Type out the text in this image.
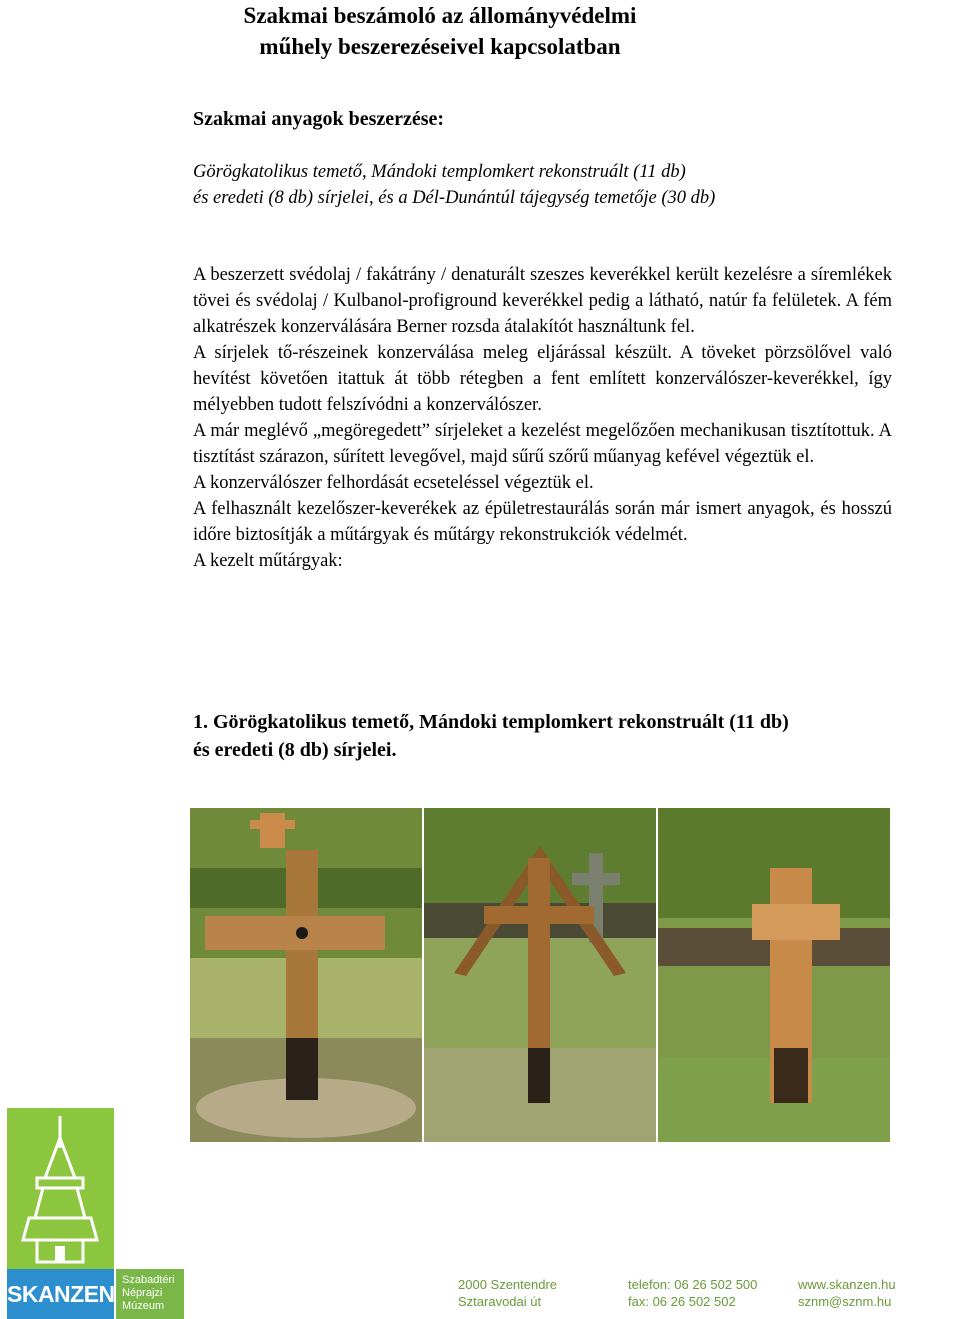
Szakmai beszámoló az állományvédelmi
műhely beszerezéseivel kapcsolatban
Szakmai anyagok beszerzése:
Görögkatolikus temető, Mándoki templomkert rekonstruált (11 db)
és eredeti (8 db) sírjelei, és a Dél-Dunántúl tájegység temetője (30 db)

A beszerzett svédolaj / fakátrány / denaturált szeszes keverékkel került kezelésre a síremlékek tövei és svédolaj / Kulbanol-profiground keverékkel pedig a látható, natúr fa felületek. A fém alkatrészek konzerválására Berner rozsda átalakítót használtunk fel.

A sírjelek tő-részeinek konzerválása meleg eljárással készült. A töveket pörzsölővel való hevítést követően itattuk át több rétegben a fent említett konzerválószer-keverékkel, így mélyebben tudott felszívódni a konzerválószer.

A már meglévő „megöregedett” sírjeleket a kezelést megelőzően mechanikusan tisztítottuk. A tisztítást szárazon, sűrített levegővel, majd sűrű szőrű műanyag kefével végeztük el.

A konzerválószer felhordását ecseteléssel végeztük el.

A felhasznált kezelőszer-keverékek az épületrestaurálás során már ismert anyagok, és hosszú időre biztosítják a műtárgyak és műtárgy rekonstrukciók védelmét.

A kezelt műtárgyak:

1. Görögkatolikus temető, Mándoki templomkert rekonstruált (11 db)
és eredeti (8 db) sírjelei.
SKANZEN
Szabadtéri
Néprajzi
Múzeum
2000 Szentendre
Sztaravodai út
telefon: 06 26 502 500
fax: 06 26 502 502
www.skanzen.hu
sznm@sznm.hu
